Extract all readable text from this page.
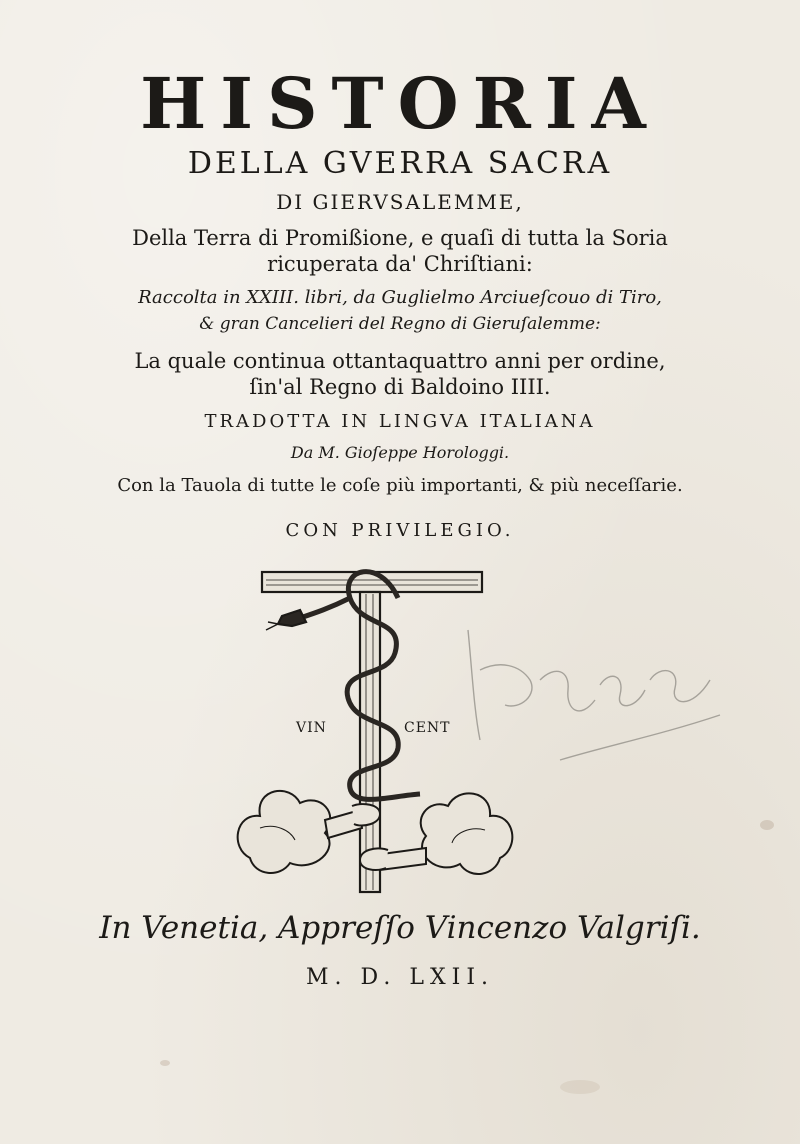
HISTORIA
DELLA GVERRA SACRA
DI GIERVSALEMME,
Della Terra di Promißione, e quaſi di tutta la Soria
ricuperata da' Chriſtiani:
Raccolta in XXIII. libri, da Guglielmo Arciueſcouo di Tiro,
& gran Cancelieri del Regno di Gieruſalemme:
La quale continua ottantaquattro anni per ordine,
ſin'al Regno di Baldoino IIII.
TRADOTTA IN LINGVA ITALIANA
Da M. Gioſeppe Horologgi.
Con la Tauola di tutte le coſe più importanti, & più neceſſarie.
CON PRIVILEGIO.
VIN	CENT
In Venetia, Appreſſo Vincenzo Valgriſi.
M. D. LXII.
